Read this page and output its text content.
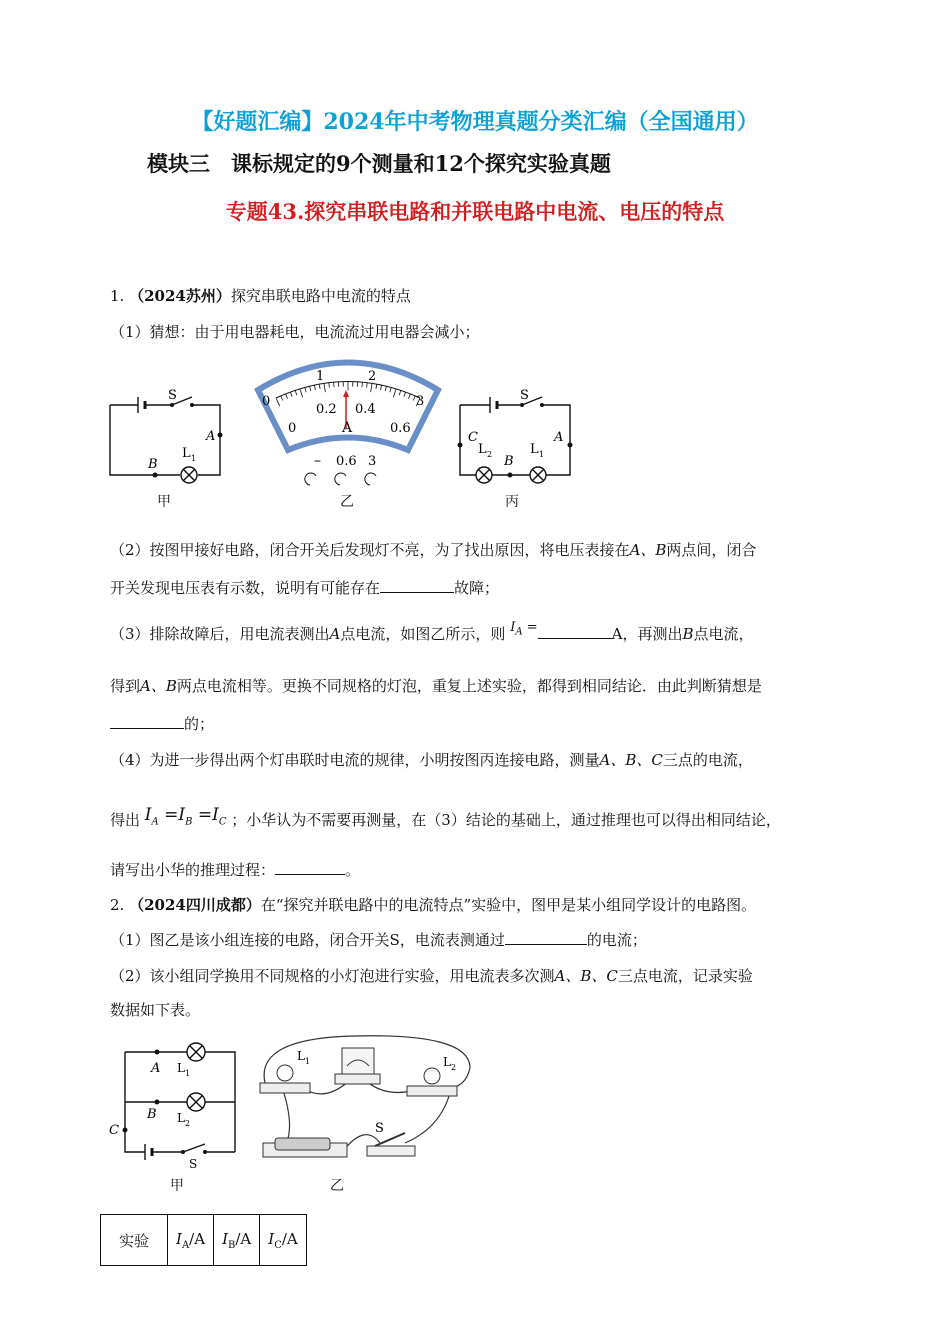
【好题汇编】2024年中考物理真题分类汇编（全国通用）
模块三　课标规定的9个测量和12个探究实验真题
专题43.探究串联电路和并联电路中电流、电压的特点
1. （2024苏州）探究串联电路中电流的特点
（1）猜想：由于用电器耗电，电流流过用电器会减小；
S
A
B
L 1
甲
0
1	2
3
0
0.2 0.4
0.6
A
– 0.6 3
乙
S
C	A
B
L 2	L 1
丙
（2）按图甲接好电路，闭合开关后发现灯不亮，为了找出原因，将电压表接在A、B两点间，闭合
开关发现电压表有示数，说明有可能存在	故障；
（3）排除故障后，用电流表测出A点电流，如图乙所示，则 $I_A$ =	A，再测出B点电流，
得到A、B两点电流相等。更换不同规格的灯泡，重复上述实验，都得到相同结论．由此判断猜想是
的；
（4）为进一步得出两个灯串联时电流的规律，小明按图丙连接电路，测量A、B、C三点的电流，
得出 $I_A =I_B =I_C$ ；小华认为不需要再测量，在（3）结论的基础上，通过推理也可以得出相同结论，
请写出小华的推理过程：	。
2. （2024四川成都）在“探究并联电路中的电流特点”实验中，图甲是某小组同学设计的电路图。
（1）图乙是该小组连接的电路，闭合开关S，电流表测通过	的电流；
（2）该小组同学换用不同规格的小灯泡进行实验，用电流表多次测A、B、C三点电流，记录实验
数据如下表。
A
B
C
L 1
L 2
S
甲
L 1	L 2
S
乙
实验	$I_A/A$	$I_B/A$	$I_C/A$
